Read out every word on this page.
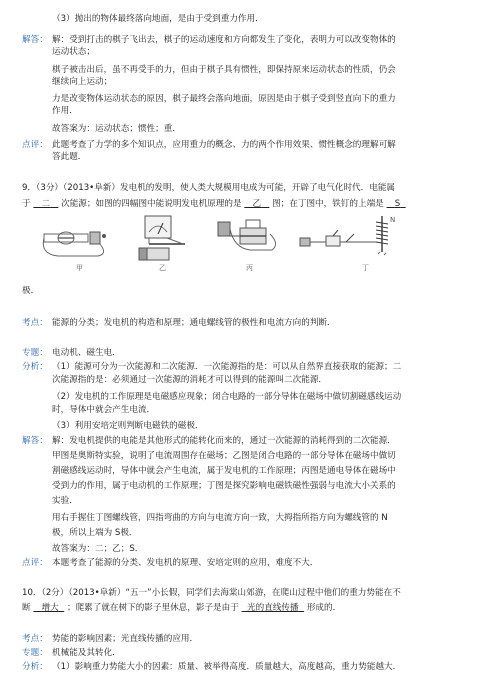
（3）抛出的物体最终落向地面，是由于受到重力作用．
解答： 解：受到打击的棋子飞出去，棋子的运动速度和方向都发生了变化，表明力可以改变物体的
运动状态；
棋子被击出后，虽不再受手的力，但由于棋子具有惯性，即保持原来运动状态的性质，仍会
继续向上运动；
力是改变物体运动状态的原因，棋子最终会落向地面，原因是由于棋子受到竖直向下的重力
作用．
故答案为：运动状态；惯性；重．
点评： 此题考查了力学的多个知识点，应用重力的概念、力的两个作用效果、惯性概念的理解可解
答此题．
9．（3分）（2013•阜新）发电机的发明，使人类大规模用电成为可能，开辟了电气化时代．电能属
于 二 次能源；如图的四幅图中能说明发电机原理的是 乙 图；在丁图中，铁钉的上端是 S
甲	乙	丙
N
丁
极．
考点： 能源的分类；发电机的构造和原理；通电螺线管的极性和电流方向的判断．
专题： 电动机、磁生电．
分析： （1）能源可分为一次能源和二次能源．一次能源指的是：可以从自然界直接获取的能源；二
次能源指的是：必须通过一次能源的消耗才可以得到的能源叫二次能源．
（2）发电机的工作原理是电磁感应现象；闭合电路的一部分导体在磁场中做切割磁感线运动
时，导体中就会产生电流．
（3）利用安培定则判断电磁铁的磁极．
解答： 解：发电机提供的电能是其他形式的能转化而来的，通过一次能源的消耗得到的二次能源．
甲图是奥斯特实验，说明了电流周围存在磁场；乙图是闭合电路的一部分导体在磁场中做切
割磁感线运动时，导体中就会产生电流，属于发电机的工作原理；丙图是通电导体在磁场中
受到力的作用，属于电动机的工作原理；丁图是探究影响电磁铁磁性强弱与电流大小关系的
实验．
用右手握住丁图螺线管，四指弯曲的方向与电流方向一致，大拇指所指方向为螺线管的 N
极，所以上端为 S极．
故答案为：二；乙；S．
点评： 本题考查了能源的分类、发电机的原理、安培定则的应用，难度不大．
10．（2分）（2013•阜新）“五一”小长假，同学们去海棠山郊游，在爬山过程中他们的重力势能在不
断 增大 ；爬累了就在树下的影子里休息，影子是由于 光的直线传播 形成的．
考点： 势能的影响因素；光直线传播的应用．
专题： 机械能及其转化．
分析： （1）影响重力势能大小的因素：质量、被举得高度．质量越大，高度越高，重力势能越大．
